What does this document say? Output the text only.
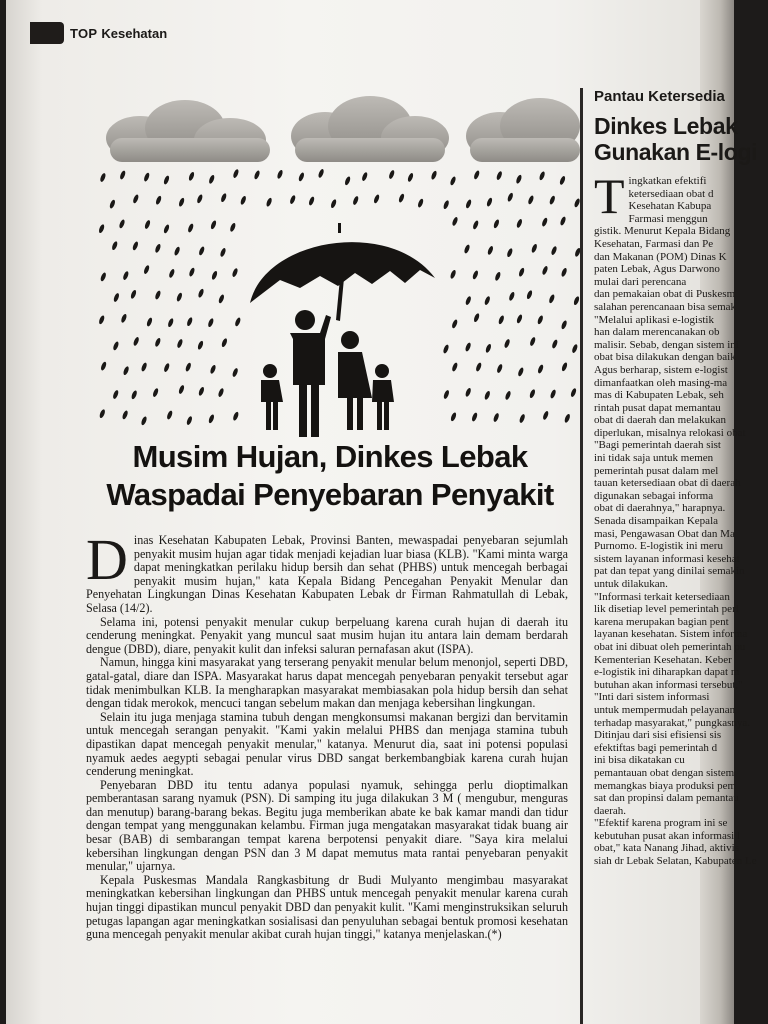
TOP Kesehatan
Musim Hujan, Dinkes Lebak
Waspadai Penyebaran Penyakit

Dinas Kesehatan Kabupaten Lebak, Provinsi Banten, mewaspadai penyebaran sejumlah penyakit musim hujan agar tidak menjadi kejadian luar biasa (KLB). "Kami minta warga dapat meningkatkan perilaku hidup bersih dan sehat (PHBS) untuk mencegah berbagai penyakit musim hujan," kata Kepala Bidang Pencegahan Penyakit Menular dan Penyehatan Lingkungan Dinas Kesehatan Kabupaten Lebak dr Firman Rahmatullah di Lebak, Selasa (14/2).

Selama ini, potensi penyakit menular cukup berpeluang karena curah hujan di daerah itu cenderung meningkat. Penyakit yang muncul saat musim hujan itu antara lain demam berdarah dengue (DBD), diare, penyakit kulit dan infeksi saluran pernafasan akut (ISPA).

Namun, hingga kini masyarakat yang terserang penyakit menular belum menonjol, seperti DBD, gatal-gatal, diare dan ISPA. Masyarakat harus dapat mencegah penyebaran penyakit tersebut agar tidak menimbulkan KLB. Ia mengharapkan masyarakat membiasakan pola hidup bersih dan sehat dengan tidak merokok, mencuci tangan sebelum makan dan menjaga kebersihan lingkungan.

Selain itu juga menjaga stamina tubuh dengan mengkonsumsi makanan bergizi dan bervitamin untuk mencegah serangan penyakit. "Kami yakin melalui PHBS dan menjaga stamina tubuh dipastikan dapat mencegah penyakit menular," katanya. Menurut dia, saat ini potensi populasi nyamuk aedes aegypti sebagai penular virus DBD sangat berkembangbiak karena curah hujan cenderung meningkat.

Penyebaran DBD itu tentu adanya populasi nyamuk, sehingga perlu dioptimalkan pemberantasan sarang nyamuk (PSN). Di samping itu juga dilakukan 3 M ( mengubur, menguras dan menutup) barang-barang bekas. Begitu juga memberikan abate ke bak kamar mandi dan tidur dengan tempat yang menggunakan kelambu. Firman juga mengatakan masyarakat tidak buang air besar (BAB) di sembarangan tempat karena berpotensi penyakit diare. "Saya kira melalui kebersihan lingkungan dengan PSN dan 3 M dapat memutus mata rantai penyebaran penyakit menular," ujarnya.

Kepala Puskesmas Mandala Rangkasbitung dr Budi Mulyanto mengimbau masyarakat meningkatkan kebersihan lingkungan dan PHBS untuk mencegah penyakit menular karena curah hujan tinggi dipastikan muncul penyakit DBD dan penyakit kulit. "Kami menginstruksikan seluruh petugas lapangan agar meningkatkan sosialisasi dan penyuluhan sebagai bentuk promosi kesehatan guna mencegah penyakit menular akibat curah hujan tinggi," katanya menjelaskan.(*)

Pantau Ketersedia
Dinkes Lebak
Gunakan E-logi
T ingkatkan efektifi
ketersediaan obat d
Kesehatan Kabupa
Farmasi menggun
gistik. Menurut Kepala Bidang
Kesehatan, Farmasi dan Pe
dan Makanan (POM) Dinas K
paten Lebak, Agus Darwono
mulai dari perencana
dan pemakaian obat di Puskesm
salahan perencanaan bisa semak
"Melalui aplikasi e-logistik
han dalam merencanakan ob
malisir. Sebab, dengan sistem ini
obat bisa dilakukan dengan baik
Agus berharap, sistem e-logist
dimanfaatkan oleh masing-ma
mas di Kabupaten Lebak, seh
rintah pusat dapat memantau
obat di daerah dan melakukan
diperlukan, misalnya relokasi obat
"Bagi pemerintah daerah sist
ini tidak saja untuk memen
pemerintah pusat dalam mel
tauan ketersediaan obat di daerah
digunakan sebagai informa
obat di daerahnya," harapnya.
Senada disampaikan Kepala
masi, Pengawasan Obat dan Ma
Purnomo. E-logistik ini meru
sistem layanan informasi kesehat
pat dan tepat yang dinilai semakin
untuk dilakukan.
"Informasi terkait ketersediaan
lik disetiap level pemerintah perl
karena merupakan bagian pent
layanan kesehatan. Sistem informa
obat ini dibuat oleh pemerintah pu
Kementerian Kesehatan. Keber
e-logistik ini diharapkan dapat m
butuhan akan informasi tersebut,"
"Inti dari sistem informasi
untuk mempermudah pelayanan
terhadap masyarakat," pungkasnya.
Ditinjau dari sisi efisiensi sis
efektiftas bagi pemerintah d
ini bisa dikatakan cu
pemantauan obat dengan sistem
memangkas biaya produksi pem
sat dan propinsi dalam pemantau
daerah.
"Efektif karena program ini se
kebutuhan pusat akan informasi l
obat," kata Nanang Jihad, aktivis
siah dr Lebak Selatan, Kabupaten Le
